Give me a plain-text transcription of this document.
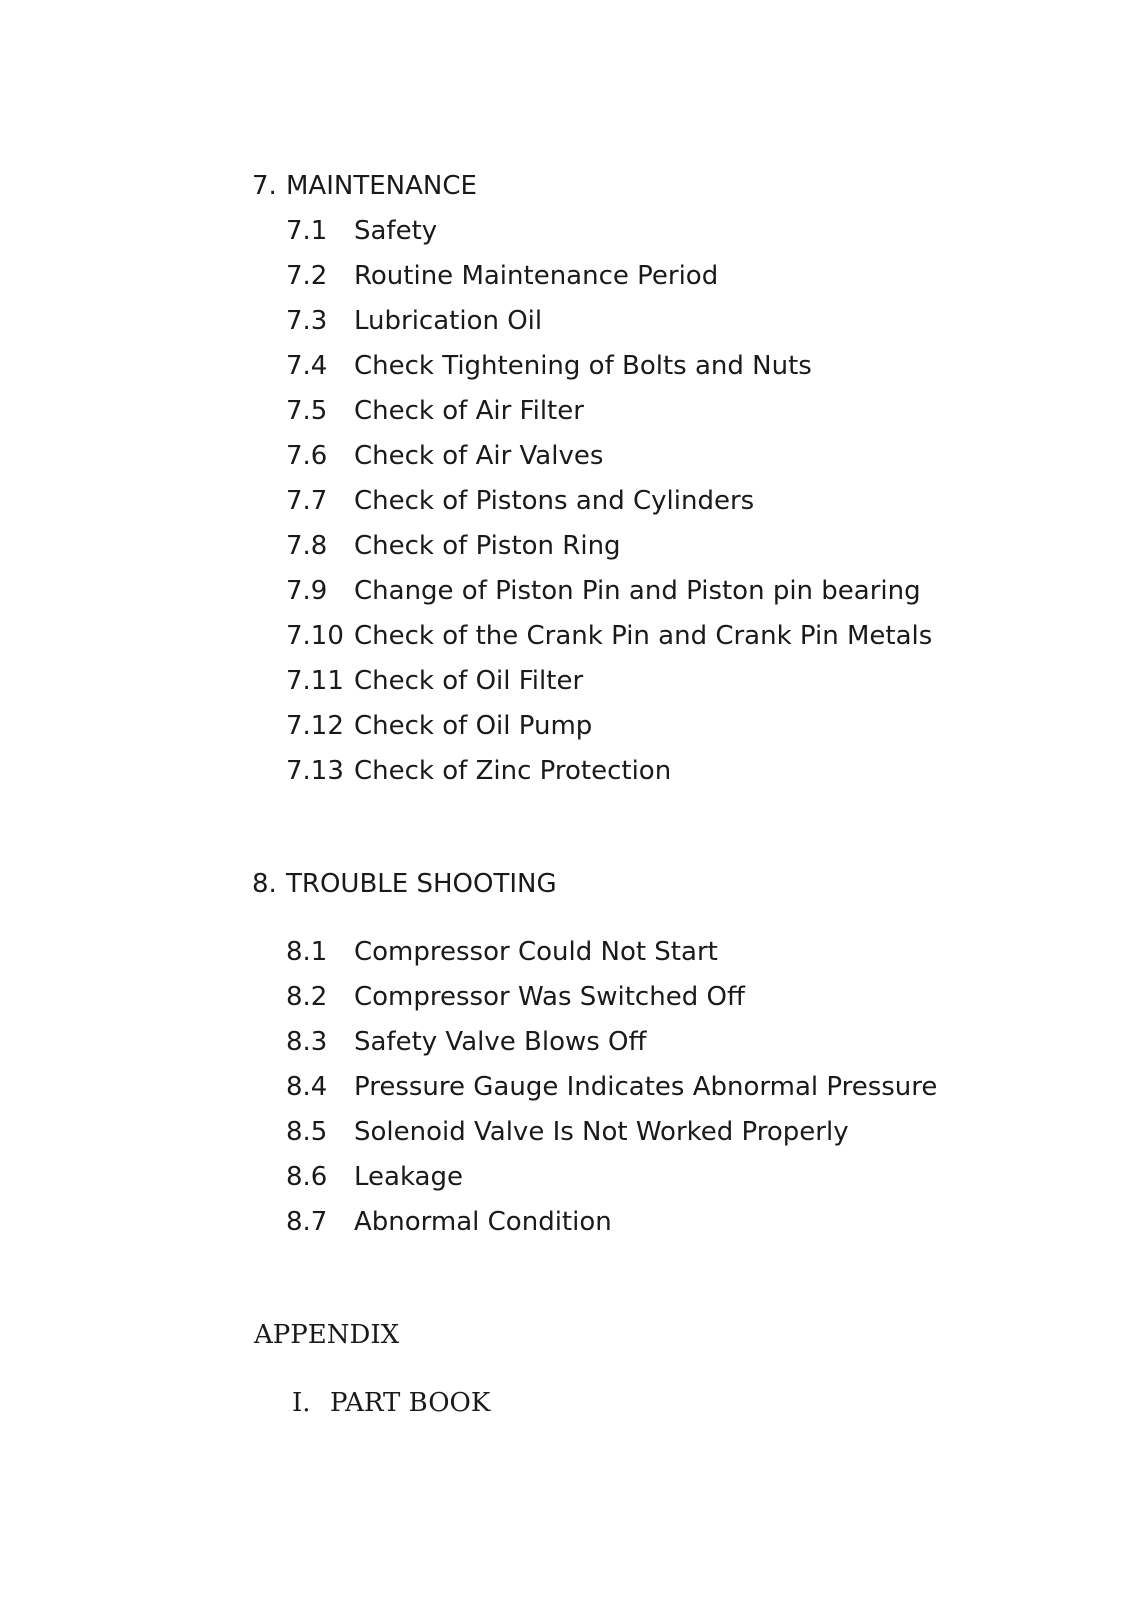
7. MAINTENANCE
7.1 Safety
7.2 Routine Maintenance Period
7.3 Lubrication Oil
7.4 Check Tightening of Bolts and Nuts
7.5 Check of Air Filter
7.6 Check of Air Valves
7.7 Check of Pistons and Cylinders
7.8 Check of Piston Ring
7.9 Change of Piston Pin and Piston pin bearing
7.10 Check of the Crank Pin and Crank Pin Metals
7.11 Check of Oil Filter
7.12 Check of Oil Pump
7.13 Check of Zinc Protection
8. TROUBLE SHOOTING
8.1 Compressor Could Not Start
8.2 Compressor Was Switched Off
8.3 Safety Valve Blows Off
8.4 Pressure Gauge Indicates Abnormal Pressure
8.5 Solenoid Valve Is Not Worked Properly
8.6 Leakage
8.7 Abnormal Condition
APPENDIX
I. PART BOOK
